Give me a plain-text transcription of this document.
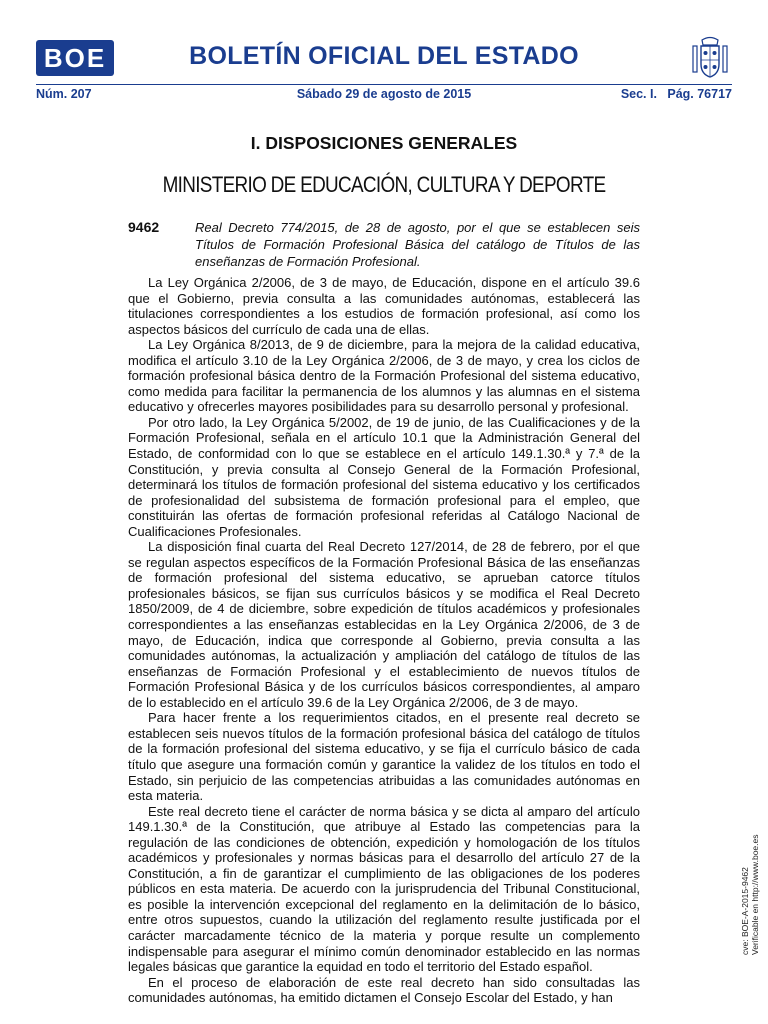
BOE	BOLETÍN OFICIAL DEL ESTADO
Núm. 207	Sábado 29 de agosto de 2015	Sec. I.   Pág. 76717
I. DISPOSICIONES GENERALES
MINISTERIO DE EDUCACIÓN, CULTURA Y DEPORTE
9462	Real Decreto 774/2015, de 28 de agosto, por el que se establecen seis Títulos de Formación Profesional Básica del catálogo de Títulos de las enseñanzas de Formación Profesional.

La Ley Orgánica 2/2006, de 3 de mayo, de Educación, dispone en el artículo 39.6 que el Gobierno, previa consulta a las comunidades autónomas, establecerá las titulaciones correspondientes a los estudios de formación profesional, así como los aspectos básicos del currículo de cada una de ellas.

La Ley Orgánica 8/2013, de 9 de diciembre, para la mejora de la calidad educativa, modifica el artículo 3.10 de la Ley Orgánica 2/2006, de 3 de mayo, y crea los ciclos de formación profesional básica dentro de la Formación Profesional del sistema educativo, como medida para facilitar la permanencia de los alumnos y las alumnas en el sistema educativo y ofrecerles mayores posibilidades para su desarrollo personal y profesional.

Por otro lado, la Ley Orgánica 5/2002, de 19 de junio, de las Cualificaciones y de la Formación Profesional, señala en el artículo 10.1 que la Administración General del Estado, de conformidad con lo que se establece en el artículo 149.1.30.ª y 7.ª de la Constitución, y previa consulta al Consejo General de la Formación Profesional, determinará los títulos de formación profesional del sistema educativo y los certificados de profesionalidad del subsistema de formación profesional para el empleo, que constituirán las ofertas de formación profesional referidas al Catálogo Nacional de Cualificaciones Profesionales.

La disposición final cuarta del Real Decreto 127/2014, de 28 de febrero, por el que se regulan aspectos específicos de la Formación Profesional Básica de las enseñanzas de formación profesional del sistema educativo, se aprueban catorce títulos profesionales básicos, se fijan sus currículos básicos y se modifica el Real Decreto 1850/2009, de 4 de diciembre, sobre expedición de títulos académicos y profesionales correspondientes a las enseñanzas establecidas en la Ley Orgánica 2/2006, de 3 de mayo, de Educación, indica que corresponde al Gobierno, previa consulta a las comunidades autónomas, la actualización y ampliación del catálogo de títulos de las enseñanzas de Formación Profesional y el establecimiento de nuevos títulos de Formación Profesional Básica y de los currículos básicos correspondientes, al amparo de lo establecido en el artículo 39.6 de la Ley Orgánica 2/2006, de 3 de mayo.

Para hacer frente a los requerimientos citados, en el presente real decreto se establecen seis nuevos títulos de la formación profesional básica del catálogo de títulos de la formación profesional del sistema educativo, y se fija el currículo básico de cada título que asegure una formación común y garantice la validez de los títulos en todo el Estado, sin perjuicio de las competencias atribuidas a las comunidades autónomas en esta materia.

Este real decreto tiene el carácter de norma básica y se dicta al amparo del artículo 149.1.30.ª de la Constitución, que atribuye al Estado las competencias para la regulación de las condiciones de obtención, expedición y homologación de los títulos académicos y profesionales y normas básicas para el desarrollo del artículo 27 de la Constitución, a fin de garantizar el cumplimiento de las obligaciones de los poderes públicos en esta materia. De acuerdo con la jurisprudencia del Tribunal Constitucional, es posible la intervención excepcional del reglamento en la delimitación de lo básico, entre otros supuestos, cuando la utilización del reglamento resulte justificada por el carácter marcadamente técnico de la materia y porque resulte un complemento indispensable para asegurar el mínimo común denominador establecido en las normas legales básicas que garantice la equidad en todo el territorio del Estado español.

En el proceso de elaboración de este real decreto han sido consultadas las comunidades autónomas, ha emitido dictamen el Consejo Escolar del Estado, y han

cve: BOE-A-2015-9462 Verificable en http://www.boe.es
